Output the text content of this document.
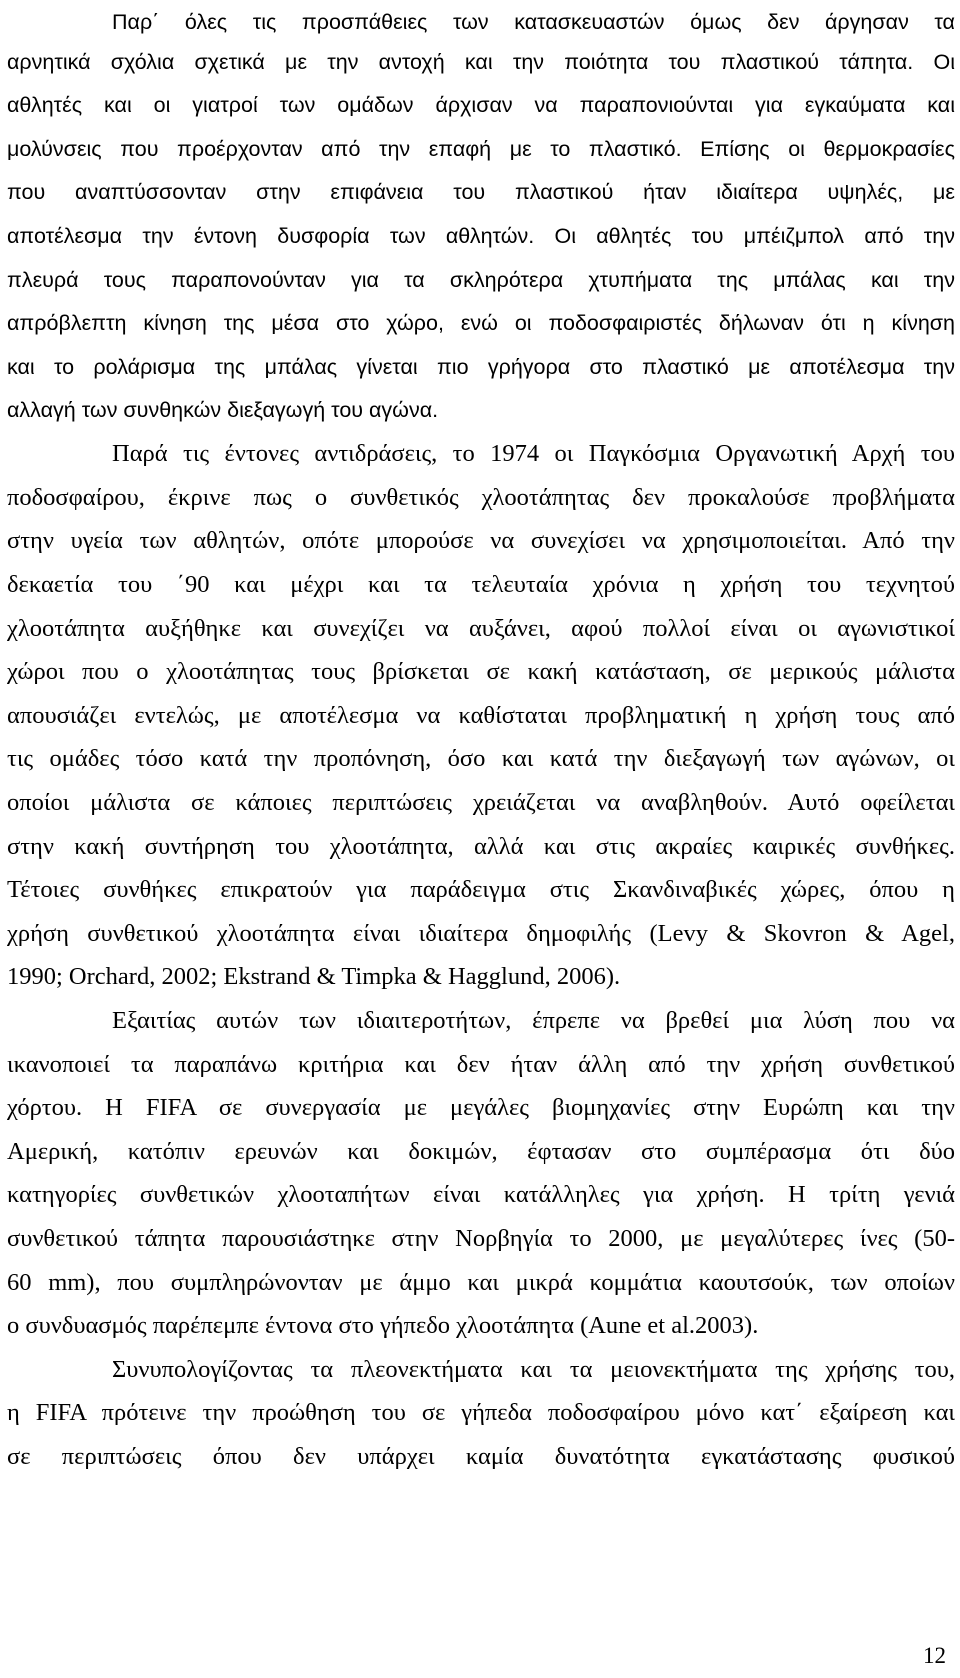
Παρ΄ όλες τις προσπάθειες των κατασκευαστών όμως δεν άργησαν τα
αρνητικά σχόλια σχετικά με την αντοχή και την ποιότητα του πλαστικού τάπητα. Οι
αθλητές και οι γιατροί των ομάδων άρχισαν να παραπονιούνται για εγκαύματα και
μολύνσεις που προέρχονταν από την επαφή με το πλαστικό. Επίσης οι θερμοκρασίες
που αναπτύσσονταν στην επιφάνεια του πλαστικού ήταν ιδιαίτερα υψηλές, με
αποτέλεσμα την έντονη δυσφορία των αθλητών. Οι αθλητές του μπέιζμπολ από την
πλευρά τους παραπονούνταν για τα σκληρότερα χτυπήματα της μπάλας και την
απρόβλεπτη κίνηση της μέσα στο χώρο, ενώ οι ποδοσφαιριστές δήλωναν ότι η κίνηση
και το ρολάρισμα της μπάλας γίνεται πιο γρήγορα στο πλαστικό με αποτέλεσμα την
αλλαγή των συνθηκών διεξαγωγή του αγώνα.
Παρά τις έντονες αντιδράσεις, το 1974 οι Παγκόσμια Οργανωτική Αρχή του
ποδοσφαίρου, έκρινε πως ο συνθετικός χλοοτάπητας δεν προκαλούσε προβλήματα
στην υγεία των αθλητών, οπότε μπορούσε να συνεχίσει να χρησιμοποιείται. Από την
δεκαετία του ΄90 και μέχρι και τα τελευταία χρόνια η χρήση του τεχνητού
χλοοτάπητα αυξήθηκε και συνεχίζει να αυξάνει, αφού πολλοί είναι οι αγωνιστικοί
χώροι που ο χλοοτάπητας τους βρίσκεται σε κακή κατάσταση, σε μερικούς μάλιστα
απουσιάζει εντελώς, με αποτέλεσμα να καθίσταται προβληματική η χρήση τους από
τις ομάδες τόσο κατά την προπόνηση, όσο και κατά την διεξαγωγή των αγώνων, οι
οποίοι μάλιστα σε κάποιες περιπτώσεις χρειάζεται να αναβληθούν. Αυτό οφείλεται
στην κακή συντήρηση του χλοοτάπητα, αλλά και στις ακραίες καιρικές συνθήκες.
Τέτοιες συνθήκες επικρατούν για παράδειγμα στις Σκανδιναβικές χώρες, όπου η
χρήση συνθετικού χλοοτάπητα είναι ιδιαίτερα δημοφιλής (Levy & Skovron & Agel,
1990; Orchard, 2002; Ekstrand & Timpka & Hagglund, 2006).
Εξαιτίας αυτών των ιδιαιτεροτήτων, έπρεπε να βρεθεί μια λύση που να
ικανοποιεί τα παραπάνω κριτήρια και δεν ήταν άλλη από την χρήση συνθετικού
χόρτου. Η FIFA σε συνεργασία με μεγάλες βιομηχανίες στην Ευρώπη και την
Αμερική, κατόπιν ερευνών και δοκιμών, έφτασαν στο συμπέρασμα ότι δύο
κατηγορίες συνθετικών χλοοταπήτων είναι κατάλληλες για χρήση. Η τρίτη γενιά
συνθετικού τάπητα παρουσιάστηκε στην Νορβηγία το 2000, με μεγαλύτερες ίνες (50-
60 mm), που συμπληρώνονταν με άμμο και μικρά κομμάτια καουτσούκ, των οποίων
ο συνδυασμός παρέπεμπε έντονα στο γήπεδο χλοοτάπητα (Aune et al.2003).
Συνυπολογίζοντας τα πλεονεκτήματα και τα μειονεκτήματα της χρήσης του,
η FIFA πρότεινε την προώθηση του σε γήπεδα ποδοσφαίρου μόνο κατ΄ εξαίρεση και
σε περιπτώσεις όπου δεν υπάρχει καμία δυνατότητα εγκατάστασης φυσικού
12
